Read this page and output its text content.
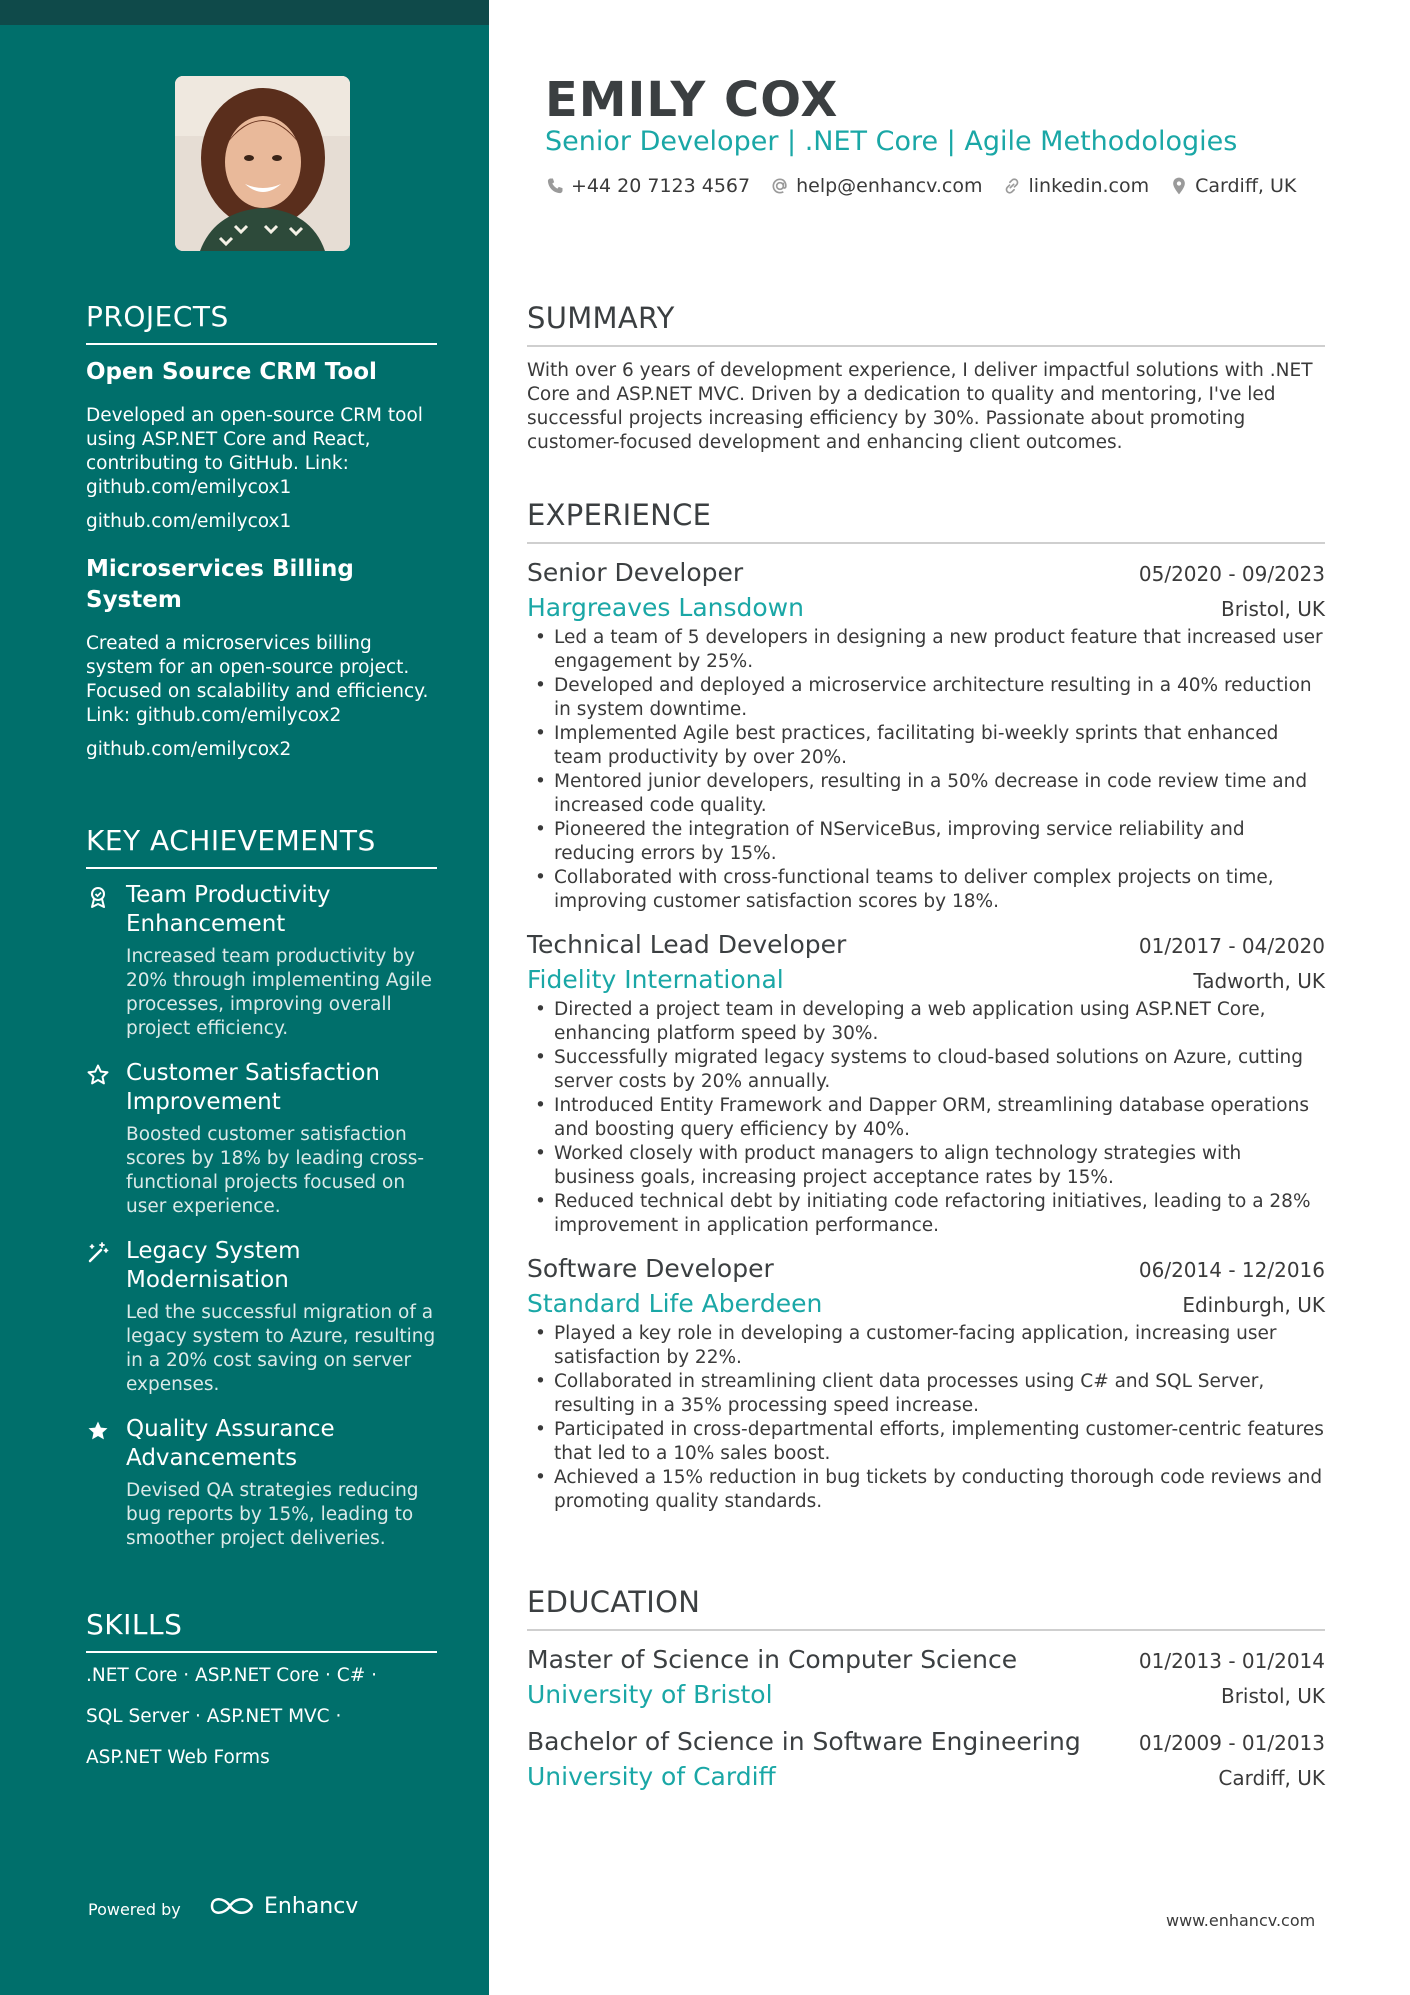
PROJECTS
Open Source CRM Tool
Developed an open-source CRM tool using ASP.NET Core and React, contributing to GitHub. Link: github.com/emilycox1
github.com/emilycox1
Microservices Billing System
Created a microservices billing system for an open-source project. Focused on scalability and efficiency. Link: github.com/emilycox2
github.com/emilycox2
KEY ACHIEVEMENTS
Team Productivity Enhancement
Increased team productivity by 20% through implementing Agile processes, improving overall project efficiency.
Customer Satisfaction Improvement
Boosted customer satisfaction scores by 18% by leading cross-functional projects focused on user experience.
Legacy System Modernisation
Led the successful migration of a legacy system to Azure, resulting in a 20% cost saving on server expenses.
Quality Assurance Advancements
Devised QA strategies reducing bug reports by 15%, leading to smoother project deliveries.
SKILLS
.NET Core · ASP.NET Core · C# ·
SQL Server · ASP.NET MVC ·
ASP.NET Web Forms
Powered by	Enhancv
EMILY COX
Senior Developer | .NET Core | Agile Methodologies
+44 20 7123 4567 help@enhancv.com linkedin.com Cardiff, UK
SUMMARY
With over 6 years of development experience, I deliver impactful solutions with .NET Core and ASP.NET MVC. Driven by a dedication to quality and mentoring, I've led successful projects increasing efficiency by 30%. Passionate about promoting customer-focused development and enhancing client outcomes.
EXPERIENCE
Senior Developer	05/2020 - 09/2023
Hargreaves Lansdown	Bristol, UK
• Led a team of 5 developers in designing a new product feature that increased user engagement by 25%.
• Developed and deployed a microservice architecture resulting in a 40% reduction in system downtime.
• Implemented Agile best practices, facilitating bi-weekly sprints that enhanced team productivity by over 20%.
• Mentored junior developers, resulting in a 50% decrease in code review time and increased code quality.
• Pioneered the integration of NServiceBus, improving service reliability and reducing errors by 15%.
• Collaborated with cross-functional teams to deliver complex projects on time, improving customer satisfaction scores by 18%.
Technical Lead Developer	01/2017 - 04/2020
Fidelity International	Tadworth, UK
• Directed a project team in developing a web application using ASP.NET Core, enhancing platform speed by 30%.
• Successfully migrated legacy systems to cloud-based solutions on Azure, cutting server costs by 20% annually.
• Introduced Entity Framework and Dapper ORM, streamlining database operations and boosting query efficiency by 40%.
• Worked closely with product managers to align technology strategies with business goals, increasing project acceptance rates by 15%.
• Reduced technical debt by initiating code refactoring initiatives, leading to a 28% improvement in application performance.
Software Developer	06/2014 - 12/2016
Standard Life Aberdeen	Edinburgh, UK
• Played a key role in developing a customer-facing application, increasing user satisfaction by 22%.
• Collaborated in streamlining client data processes using C# and SQL Server, resulting in a 35% processing speed increase.
• Participated in cross-departmental efforts, implementing customer-centric features that led to a 10% sales boost.
• Achieved a 15% reduction in bug tickets by conducting thorough code reviews and promoting quality standards.
EDUCATION
Master of Science in Computer Science	01/2013 - 01/2014
University of Bristol	Bristol, UK
Bachelor of Science in Software Engineering	01/2009 - 01/2013
University of Cardiff	Cardiff, UK
www.enhancv.com
